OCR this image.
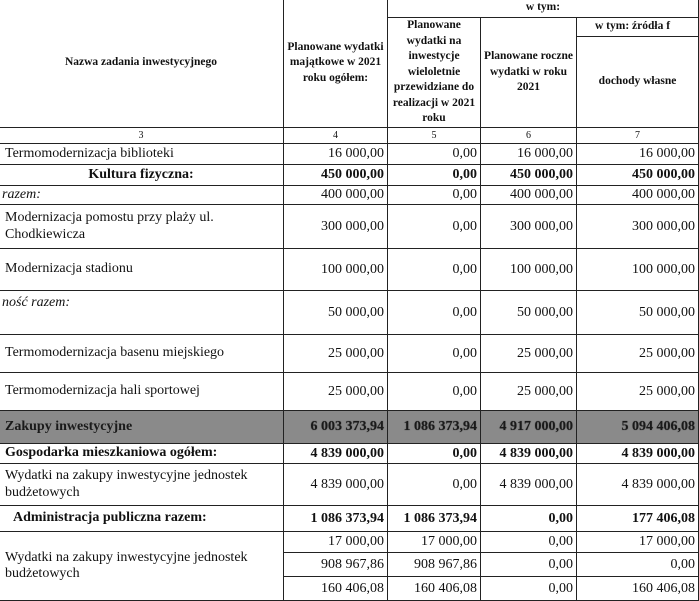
Nazwa zadania inwestycyjnego	Planowane wydatki majątkowe w 2021 roku ogółem:	w tym:		
		Planowane wydatki na inwestycje wieloletnie przewidziane do realizacji w 2021 roku	Planowane roczne wydatki w roku 2021	w tym: źródła f
				dochody własne
3	4	5	6	7
Termomodernizacja biblioteki	16 000,00	0,00	16 000,00	16 000,00
Kultura fizyczna:	450 000,00	0,00	450 000,00	450 000,00
razem:	400 000,00	0,00	400 000,00	400 000,00
Modernizacja pomostu przy plaży ul. Chodkiewicza	300 000,00	0,00	300 000,00	300 000,00
Modernizacja stadionu	100 000,00	0,00	100 000,00	100 000,00
ność razem:	50 000,00	0,00	50 000,00	50 000,00
Termomodernizacja basenu miejskiego	25 000,00	0,00	25 000,00	25 000,00
Termomodernizacja hali sportowej	25 000,00	0,00	25 000,00	25 000,00
Zakupy inwestycyjne	6 003 373,94	1 086 373,94	4 917 000,00	5 094 406,08
Gospodarka mieszkaniowa ogółem:	4 839 000,00	0,00	4 839 000,00	4 839 000,00
Wydatki na zakupy inwestycyjne jednostek budżetowych	4 839 000,00	0,00	4 839 000,00	4 839 000,00
Administracja publiczna razem:	1 086 373,94	1 086 373,94	0,00	177 406,08
Wydatki na zakupy inwestycyjne jednostek budżetowych	17 000,00	17 000,00	0,00	17 000,00
	908 967,86	908 967,86	0,00	0,00
	160 406,08	160 406,08	0,00	160 406,08
